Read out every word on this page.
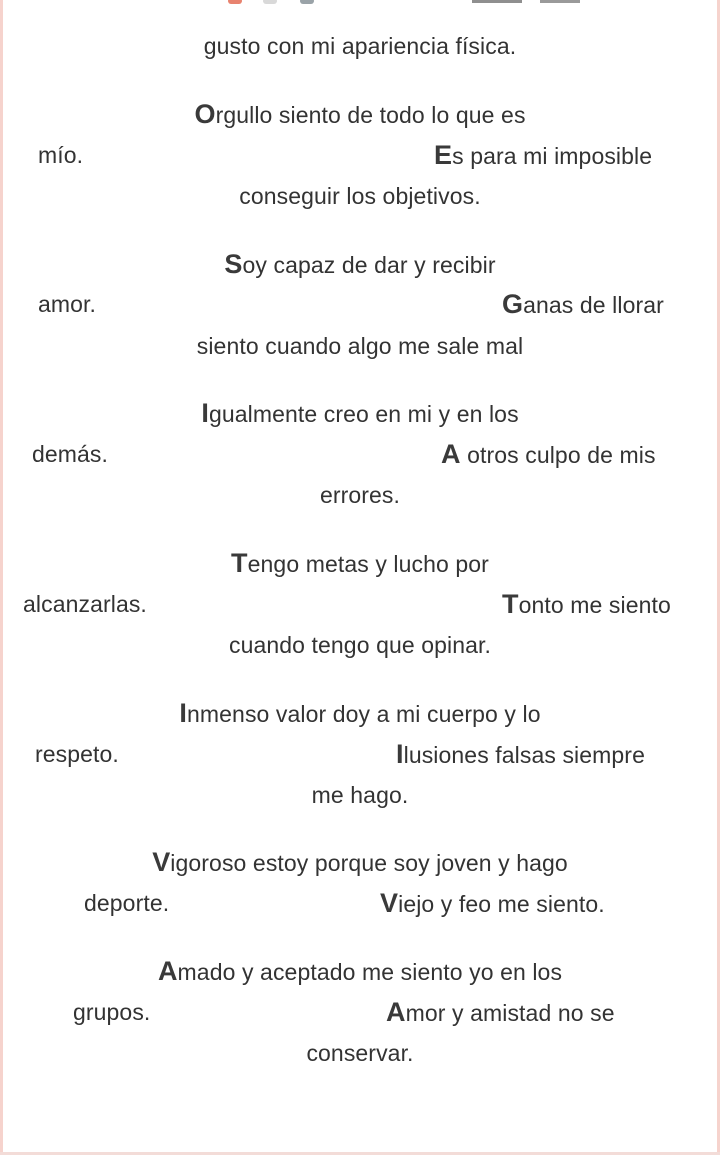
gusto con mi apariencia física.
Orgullo siento de todo lo que es
mío.	Es para mi imposible
conseguir los objetivos.
Soy capaz de dar y recibir
amor.	Ganas de llorar
siento cuando algo me sale mal
Igualmente creo en mi y en los
demás.	A otros culpo de mis
errores.
Tengo metas y lucho por
alcanzarlas.	Tonto me siento
cuando tengo que opinar.
Inmenso valor doy a mi cuerpo y lo
respeto.	Ilusiones falsas siempre
me hago.
Vigoroso estoy porque soy joven y hago
deporte.	Viejo y feo me siento.
Amado y aceptado me siento yo en los
grupos.	Amor y amistad no se
conservar.
